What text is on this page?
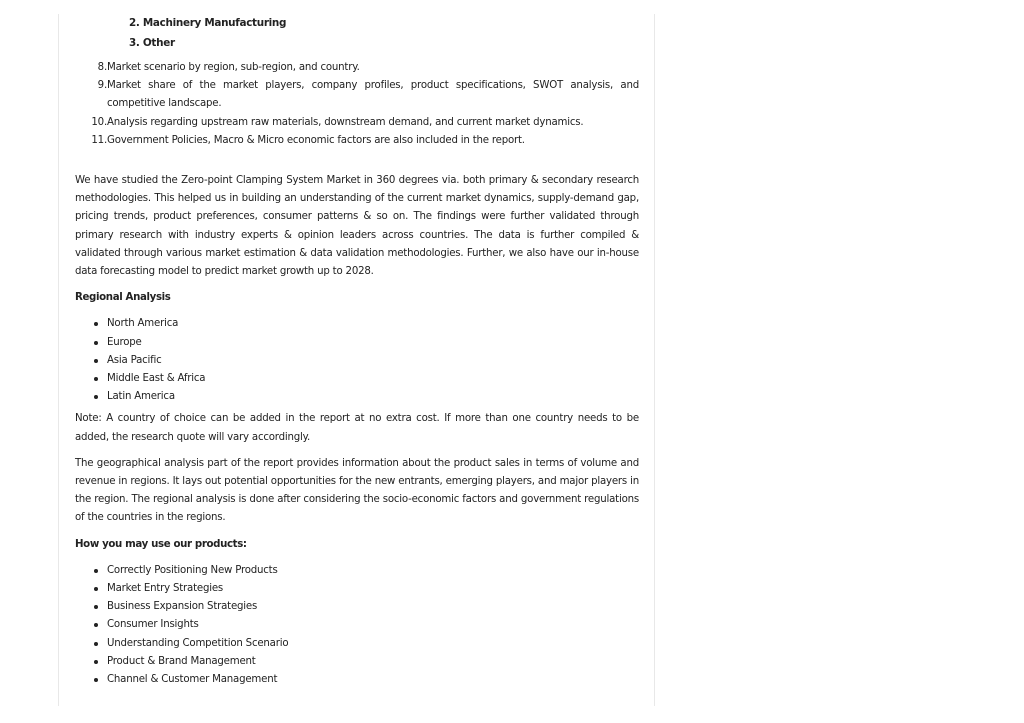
2. Machinery Manufacturing
3. Other
8. Market scenario by region, sub-region, and country.
9. Market share of the market players, company profiles, product specifications, SWOT analysis, and competitive landscape.
10. Analysis regarding upstream raw materials, downstream demand, and current market dynamics.
11. Government Policies, Macro & Micro economic factors are also included in the report.

We have studied the Zero-point Clamping System Market in 360 degrees via. both primary & secondary research methodologies. This helped us in building an understanding of the current market dynamics, supply-demand gap, pricing trends, product preferences, consumer patterns & so on. The findings were further validated through primary research with industry experts & opinion leaders across countries. The data is further compiled & validated through various market estimation & data validation methodologies. Further, we also have our in-house data forecasting model to predict market growth up to 2028.

Regional Analysis
North America
Europe
Asia Pacific
Middle East & Africa
Latin America

Note: A country of choice can be added in the report at no extra cost. If more than one country needs to be added, the research quote will vary accordingly.

The geographical analysis part of the report provides information about the product sales in terms of volume and revenue in regions. It lays out potential opportunities for the new entrants, emerging players, and major players in the region. The regional analysis is done after considering the socio-economic factors and government regulations of the countries in the regions.

How you may use our products:
Correctly Positioning New Products
Market Entry Strategies
Business Expansion Strategies
Consumer Insights
Understanding Competition Scenario
Product & Brand Management
Channel & Customer Management
